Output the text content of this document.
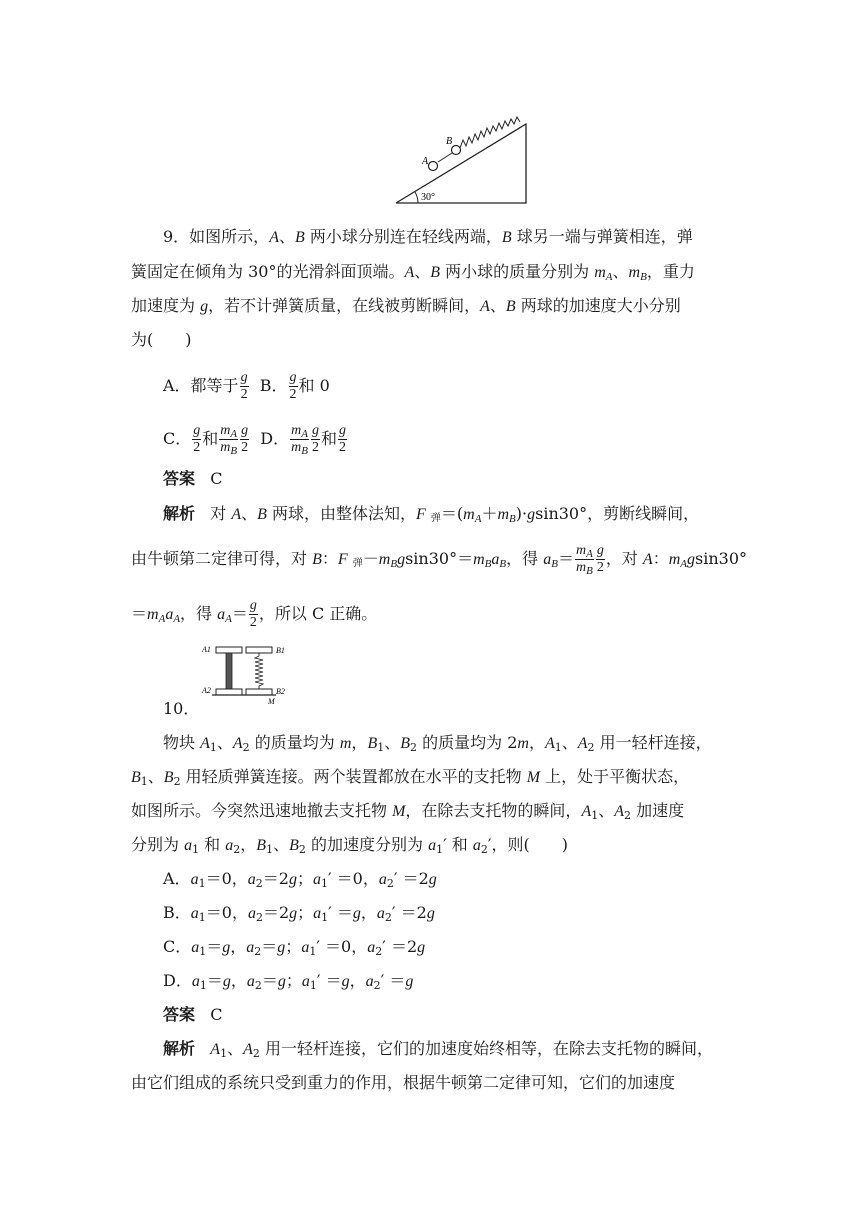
30°
A
B
9．如图所示，A、B 两小球分别连在轻线两端，B 球另一端与弹簧相连，弹
簧固定在倾角为 30°的光滑斜面顶端。A、B 两小球的质量分别为 $m_A$、$m_B$，重力
加速度为 g，若不计弹簧质量，在线被剪断瞬间，A、B 两球的加速度大小分别
为(　　)
A．都等于 $\frac{g}{2}$ B． $\frac{g}{2}$ 和 0
C． $\frac{g}{2}$ 和 $\frac{m_A}{m_B} \frac{g}{2}$ D． $\frac{m_A}{m_B} \frac{g}{2}$ 和 $\frac{g}{2}$
答案 C
解析   对 A、B 两球，由整体法知，F 弹$=(m_A+m_B)\cdot gsin30^\circ$，剪断线瞬间，
由牛顿第二定律可得，对 B：F 弹$-m_Bgsin30^\circ=m_Ba_B$，得 $a_B= \frac{m_A}{m_B} \frac{g}{2}$ ，对 A：$m_Agsin30^\circ$
$=m_Aa_A$，得 $a_A= \frac{g}{2}$ ，所以 C 正确。
A1
A2
B1
B2
M
10．
物块 $A_1$、$A_2$ 的质量均为 m，$B_1$、$B_2$ 的质量均为 2m，$A_1$、$A_2$ 用一轻杆连接，
$B_1$、$B_2$ 用轻质弹簧连接。两个装置都放在水平的支托物 M 上，处于平衡状态，
如图所示。今突然迅速地撤去支托物 M，在除去支托物的瞬间，$A_1$、$A_2$ 加速度
分别为 $a_1$ 和 $a_2$，$B_1$、$B_2$ 的加速度分别为 $a_1'$ 和 $a_2'$，则(　　)
A．$a_1=0$，$a_2=2g$；$a_1' =0$，$a_2' =2g$
B．$a_1=0$，$a_2=2g$；$a_1' =g$，$a_2' =2g$
C．$a_1=g$，$a_2=g$；$a_1' =0$，$a_2' =2g$
D．$a_1=g$，$a_2=g$；$a_1' =g$，$a_2' =g$
答案 C
解析 $A_1$、$A_2$ 用一轻杆连接，它们的加速度始终相等，在除去支托物的瞬间，
由它们组成的系统只受到重力的作用，根据牛顿第二定律可知，它们的加速度
